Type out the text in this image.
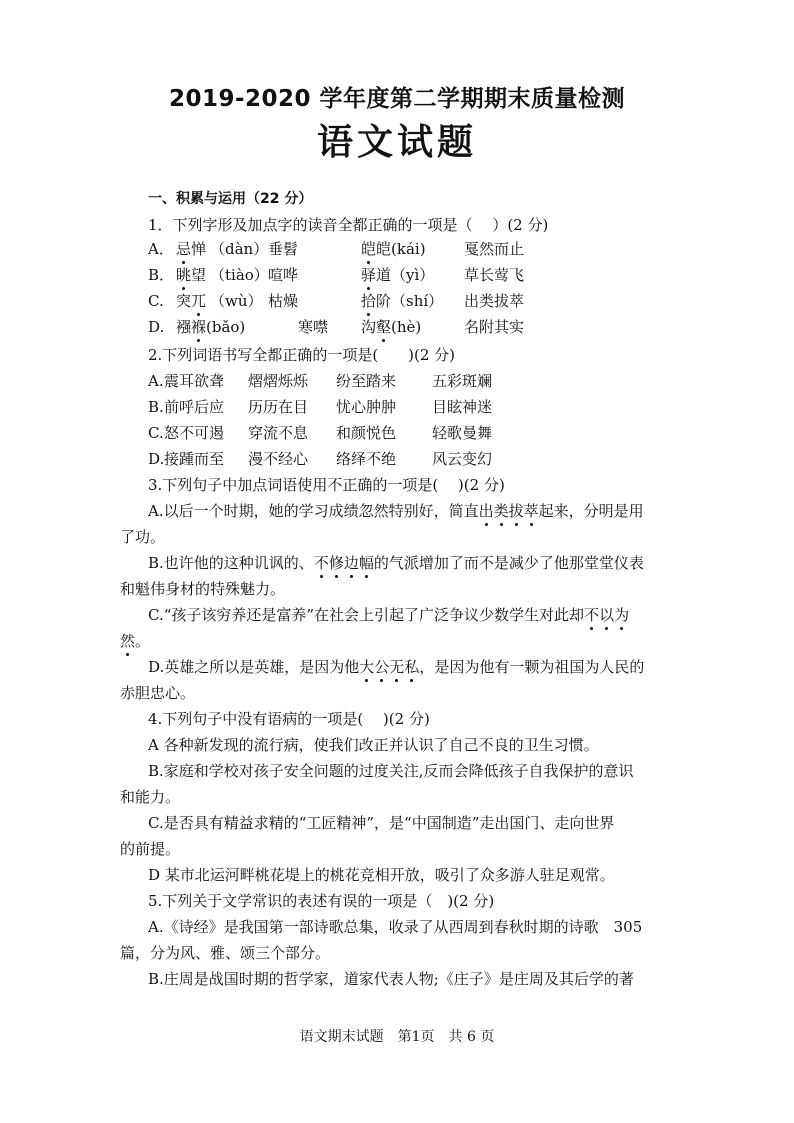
2019-2020 学年度第二学期期末质量检测
语文试题
一、积累与运用（22 分）
1．下列字形及加点字的读音全都正确的一项是（　 ）(2 分)
A． 忌惮 （dàn） 垂髫	皑皑(kái)	戛然而止
B． 眺望 （tiào） 喧哗	驿道（yì） 草长莺飞
C. 突兀 （wù） 枯燥	拾阶（shí） 出类拔萃
D. 襁褓 (bǎo)	寒噤 沟壑(hè)	名附其实
2.下列词语书写全都正确的一项是(　　)(2 分)
A. 震耳欲聋 熠熠烁烁 纷至踏来 五彩斑斓
B. 前呼后应 历历在目 忧心肿肿 目眩神迷
C. 怒不可遏 穿流不息 和颜悦色 轻歌曼舞
D. 接踵而至 漫不经心 络绎不绝 风云变幻
3.下列句子中加点词语使用不正确的一项是(　 )(2 分)
A.以后一个时期，她的学习成绩忽然特别好，简直出类拔萃起来，分明是用
了功。
B.也许他的这种讥讽的、不修边幅的气派增加了而不是减少了他那堂堂仪表
和魁伟身材的特殊魅力。
C.“孩子该穷养还是富养”在社会上引起了广泛争议少数学生对此却不以为
然。
D.英雄之所以是英雄，是因为他大公无私，是因为他有一颗为祖国为人民的
赤胆忠心。
4.下列句子中没有语病的一项是(　 )(2 分)
A 各种新发现的流行病，使我们改正并认识了自己不良的卫生习惯。
B.家庭和学校对孩子安全问题的过度关注,反而会降低孩子自我保护的意识
和能力。
C.是否具有精益求精的“工匠精神”，是“中国制造”走出国门、走向世界
的前提。
D 某市北运河畔桃花堤上的桃花竞相开放，吸引了众多游人驻足观常。
5.下列关于文学常识的表述有误的一项是（　)(2 分)
A.《诗经》是我国第一部诗歌总集，收录了从西周到春秋时期的诗歌　305
篇，分为风、雅、颂三个部分。
B.庄周是战国时期的哲学家，道家代表人物;《庄子》是庄周及其后学的著
语文期末试题　第1页　共 6 页
